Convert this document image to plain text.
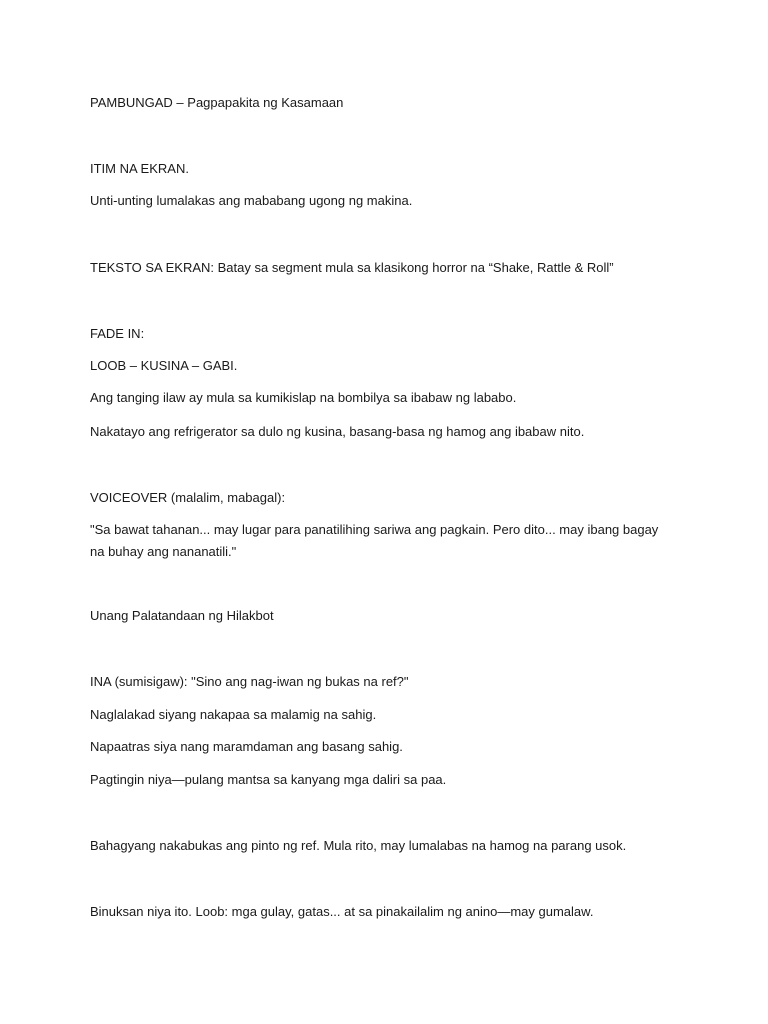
PAMBUNGAD – Pagpapakita ng Kasamaan
ITIM NA EKRAN.
Unti-unting lumalakas ang mababang ugong ng makina.
TEKSTO SA EKRAN: Batay sa segment mula sa klasikong horror na “Shake, Rattle & Roll”
FADE IN:
LOOB – KUSINA – GABI.
Ang tanging ilaw ay mula sa kumikislap na bombilya sa ibabaw ng lababo.
Nakatayo ang refrigerator sa dulo ng kusina, basang-basa ng hamog ang ibabaw nito.
VOICEOVER (malalim, mabagal):
"Sa bawat tahanan... may lugar para panatilihing sariwa ang pagkain. Pero dito... may ibang bagay na buhay ang nananatili."
Unang Palatandaan ng Hilakbot
INA (sumisigaw): "Sino ang nag-iwan ng bukas na ref?"
Naglalakad siyang nakapaa sa malamig na sahig.
Napaatras siya nang maramdaman ang basang sahig.
Pagtingin niya—pulang mantsa sa kanyang mga daliri sa paa.
Bahagyang nakabukas ang pinto ng ref. Mula rito, may lumalabas na hamog na parang usok.
Binuksan niya ito. Loob: mga gulay, gatas... at sa pinakailalim ng anino—may gumalaw.
